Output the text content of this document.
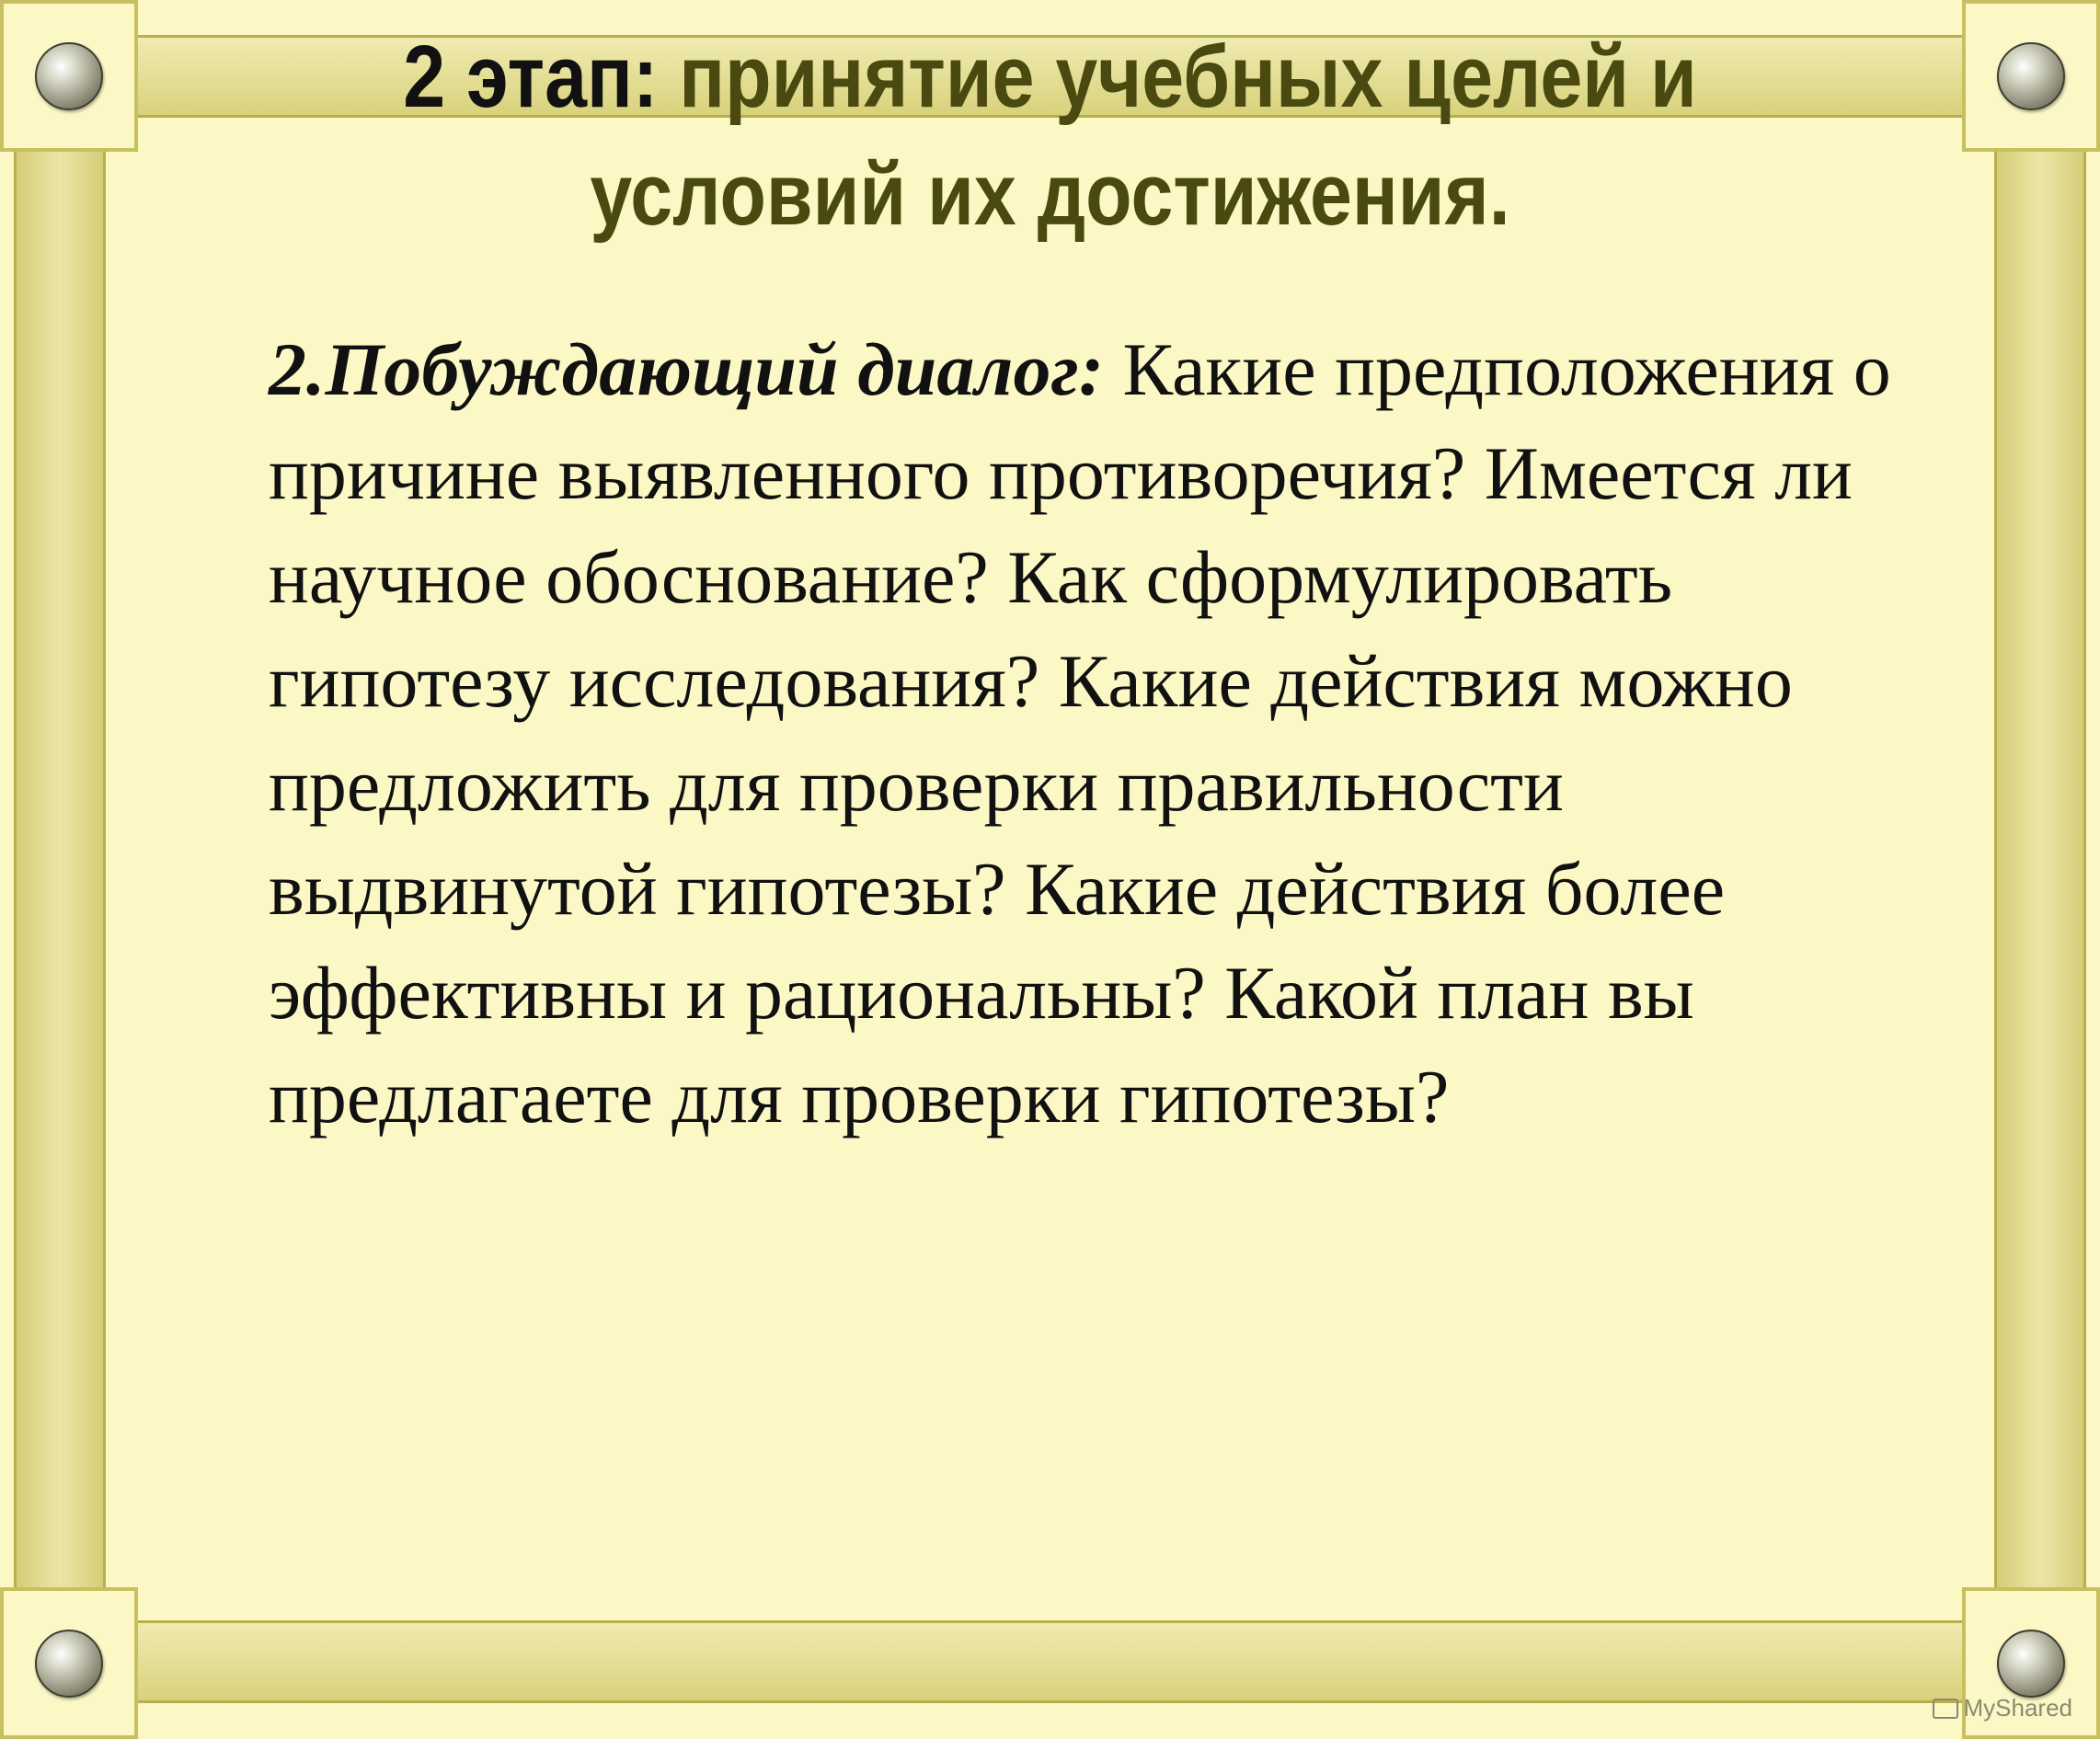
2 этап: принятие учебных целей и условий их достижения.
2.Побуждающий диалог: Какие предположения о причине выявленного противоречия? Имеется ли научное обоснование? Как сформулировать гипотезу исследования? Какие действия можно предложить для проверки правильности выдвинутой гипотезы? Какие действия более эффективны и рациональны? Какой план вы предлагаете для проверки гипотезы?
MyShared
